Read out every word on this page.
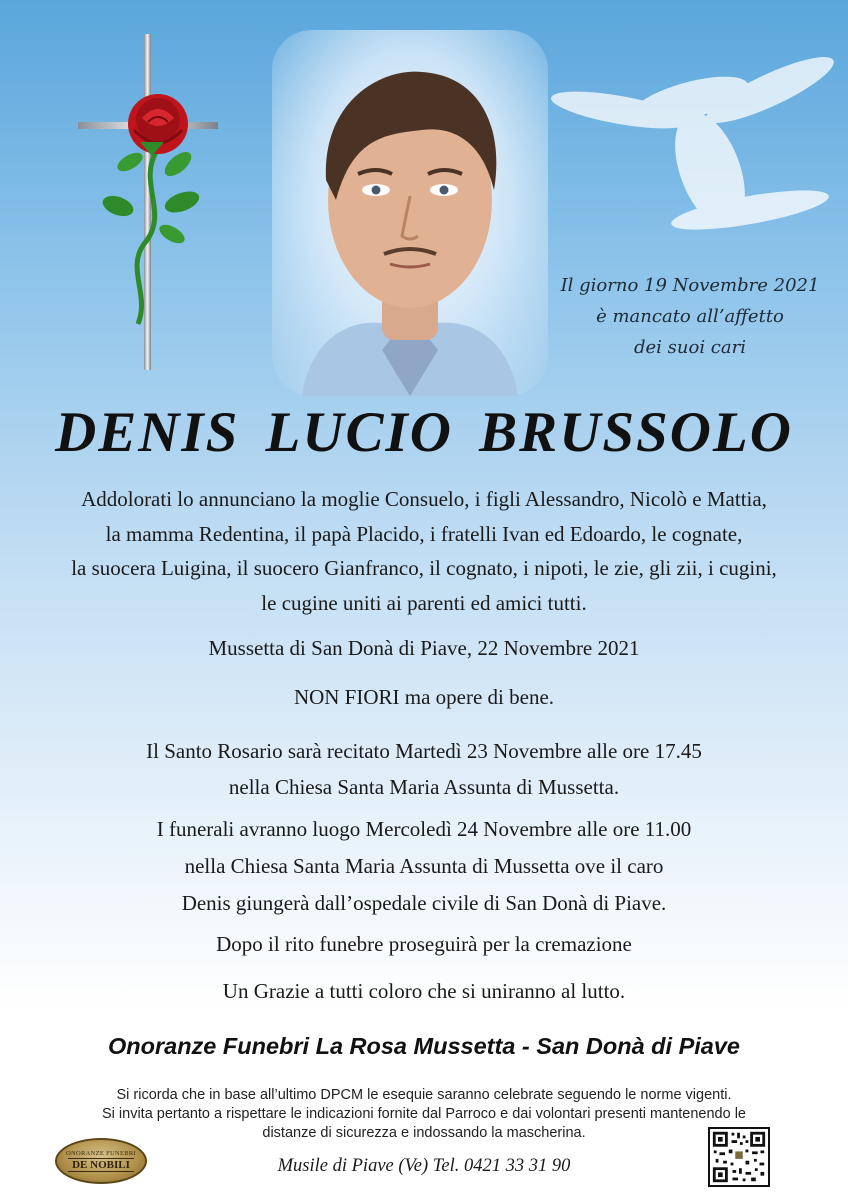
Il giorno 19 Novembre 2021
è mancato all’affetto
dei suoi cari
DENIS LUCIO BRUSSOLO
Addolorati lo annunciano la moglie Consuelo, i figli Alessandro, Nicolò e Mattia,
la mamma Redentina, il papà Placido, i fratelli Ivan ed Edoardo, le cognate,
la suocera Luigina, il suocero Gianfranco, il cognato, i nipoti, le zie, gli zii, i cugini,
le cugine uniti ai parenti ed amici tutti.
Mussetta di San Donà di Piave, 22 Novembre 2021
NON FIORI ma opere di bene.
Il Santo Rosario sarà recitato Martedì 23 Novembre alle ore 17.45
nella Chiesa Santa Maria Assunta di Mussetta.
I funerali avranno luogo Mercoledì 24 Novembre alle ore 11.00
nella Chiesa Santa Maria Assunta di Mussetta ove il caro
Denis giungerà dall’ospedale civile di San Donà di Piave.
Dopo il rito funebre proseguirà per la cremazione
Un Grazie a tutti coloro che si uniranno al lutto.
Onoranze Funebri La Rosa Mussetta - San Donà di Piave
Si ricorda che in base all’ultimo DPCM le esequie saranno celebrate seguendo le norme vigenti.
Si invita pertanto a rispettare le indicazioni fornite dal Parroco e dai volontari presenti mantenendo le
distanze di sicurezza e indossando la mascherina.
ONORANZE FUNEBRI
DE NOBILI	Musile di Piave (Ve) Tel. 0421 33 31 90
